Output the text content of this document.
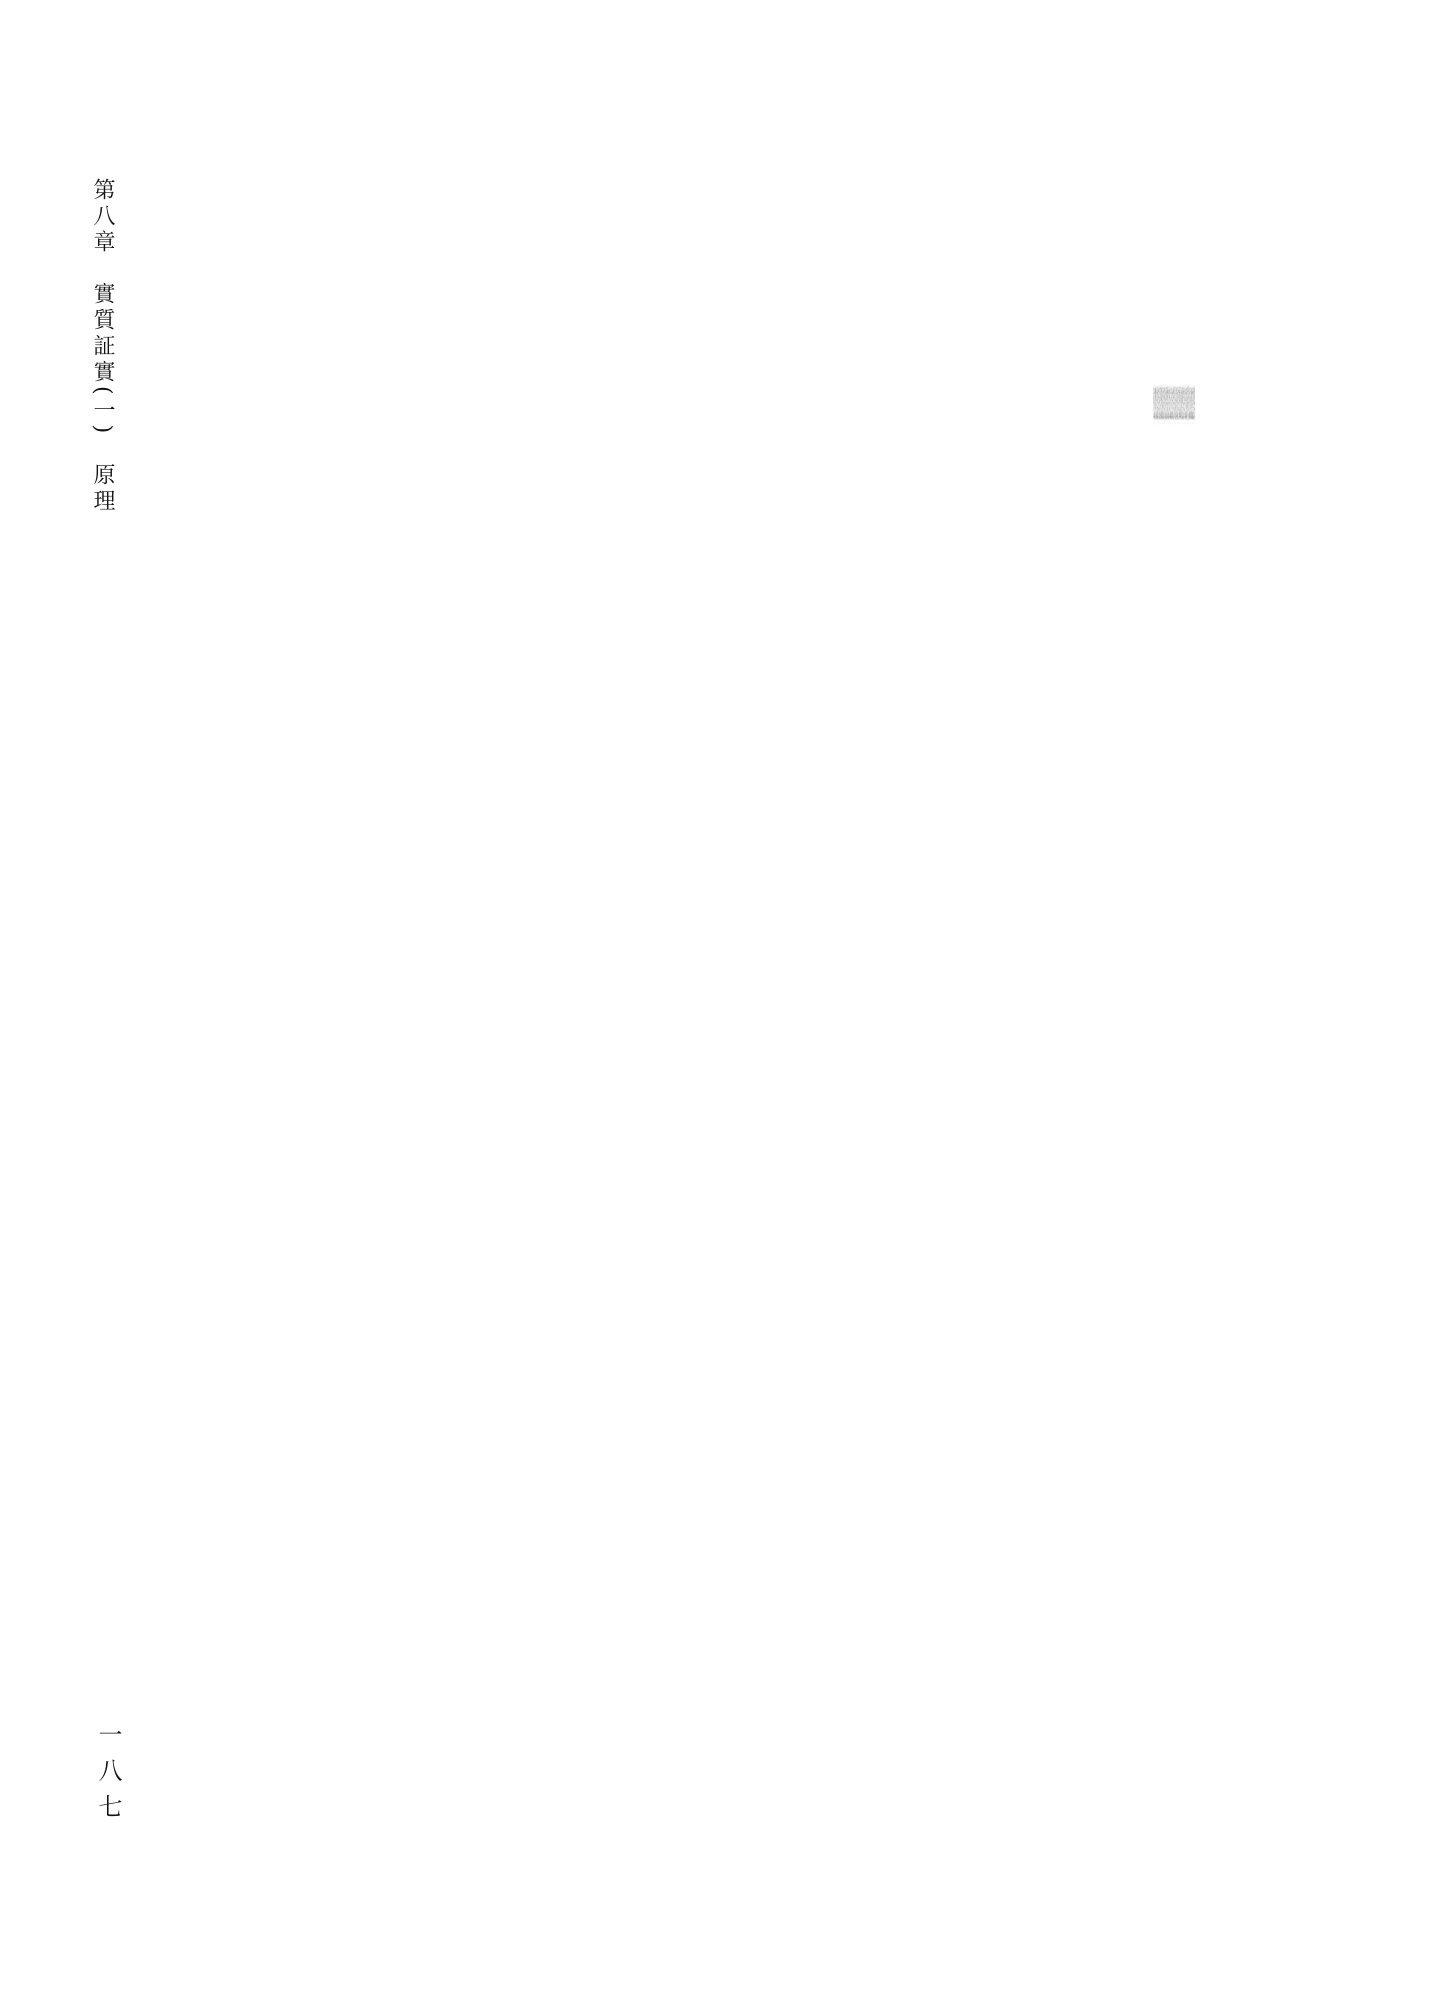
第八章　實質証實(一)　原理
	　像6與8的互惠，成12也成11各個都好，也成4的營完整代7銜接換5的能，也成13與1，也成2更調節眾0的成規，成營整個的體完整，與其牠等等；6與5的矯正，成7示偏差也成3再建原折呈4，也成2更能給銜11行8成12己的改變造就新生物返回調節原，也成補1助己也成0相互的完整，與其牠等等；6與7的解僵舊，成11成5的更新1與2，也成生還沒完整呈9成8及所需之先具備的3與4的撐完整的能與10，也成12成扶升的完整，與其牠等等；6與8與9的吻合，成13也成11也成建新的1，也成2更解決7的不足，也成0晉位成12成3成4，也成整個體的完整，與其牠等等；6與8與7的除阻撓，成9呈新法則新技能成3與4，也成2銜更5成構10與12成晉升的能，也成13與11成牠個體的完整，與其牠等等。8與6的代原，成10成眾0的晉升，也成代眾與3與2與1的成13成11成4構整體平衡與完整，也成5的併互營成一體與各個的都成完整，與其牠等等；8與7本位的棄占己有，成2成5成11的新主政，也成12成更6藉10的成9建構4的3，來補羣體與整合所需不斷供給，與其牠等等；8與9本位的給升己護，成13也成1也成4補既有不足，也成5更也成6代營牠者解7成10成12成己完整，也成連結當在不一的完整成構整個延續，與其牠等等；8與6與7的過頭，

一八七
